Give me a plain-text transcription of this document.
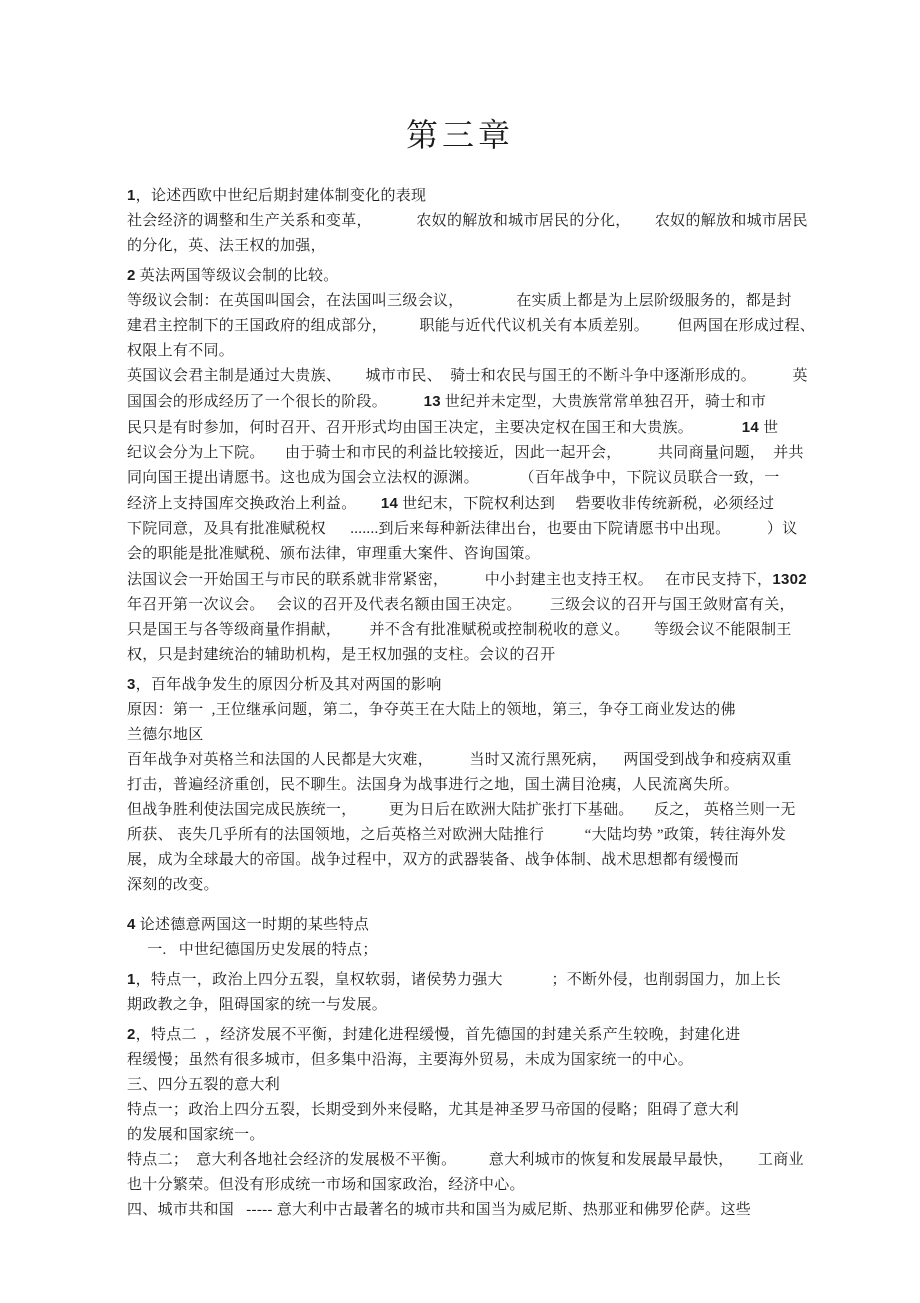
第三章
1，论述西欧中世纪后期封建体制变化的表现
社会经济的调整和生产关系和变革，           农奴的解放和城市居民的分化，      农奴的解放和城市居民
的分化，英、法王权的加强，
2 英法两国等级议会制的比较。
等级议会制：在英国叫国会，在法国叫三级会议，             在实质上都是为上层阶级服务的，都是封
建君主控制下的王国政府的组成部分，        职能与近代代议机关有本质差别。       但两国在形成过程、
权限上有不同。
英国议会君主制是通过大贵族、      城市市民、  骑士和农民与国王的不断斗争中逐渐形成的。         英
国国会的形成经历了一个很长的阶段。         13 世纪并未定型，大贵族常常单独召开，骑士和市
民只是有时参加，何时召开、召开形式均由国王决定，主要决定权在国王和大贵族。            14 世
纪议会分为上下院。     由于骑士和市民的利益比较接近，因此一起开会，         共同商量问题，  并共
同向国王提出请愿书。这也成为国会立法权的源渊。          （百年战争中，下院议员联合一致，一
经济上支持国库交换政治上利益。      14 世纪末，下院权利达到     砦要收非传统新税，必须经过
下院同意，及具有批准赋税权      .......到后来每种新法律出台，也要由下院请愿书中出现。         ）议
会的职能是批准赋税、颁布法律，审理重大案件、咨询国策。
法国议会一开始国王与市民的联系就非常紧密，         中小封建主也支持王权。   在市民支持下，1302
年召开第一次议会。   会议的召开及代表名额由国王决定。       三级会议的召开与国王敛财富有关，
只是国王与各等级商量作捐献，       并不含有批准赋税或控制税收的意义。      等级会议不能限制王
权，只是封建统治的辅助机构，是王权加强的支柱。会议的召开
3，百年战争发生的原因分析及其对两国的影响
原因：第一  ,王位继承问题，第二，争夺英王在大陆上的领地，第三，争夺工商业发达的佛
兰德尔地区
百年战争对英格兰和法国的人民都是大灾难，         当时又流行黑死病，    两国受到战争和疫病双重
打击，普遍经济重创，民不聊生。法国身为战事进行之地，国土满目沧痍，人民流离失所。
但战争胜利使法国完成民族统一，        更为日后在欧洲大陆扩张打下基础。     反之， 英格兰则一无
所获、 丧失几乎所有的法国领地，之后英格兰对欧洲大陆推行          “大陆均势 ”政策，转往海外发
展，成为全球最大的帝国。战争过程中，双方的武器装备、战争体制、战术思想都有缓慢而
深刻的改变。
4 论述德意两国这一时期的某些特点
一.   中世纪德国历史发展的特点；
1，特点一，政治上四分五裂，皇权软弱，诸侯势力强大            ；不断外侵，也削弱国力，加上长
期政教之争，阻碍国家的统一与发展。
2，特点二  ，经济发展不平衡，封建化进程缓慢，首先德国的封建关系产生较晚，封建化进
程缓慢；虽然有很多城市，但多集中沿海，主要海外贸易，未成为国家统一的中心。
三、四分五裂的意大利
特点一；政治上四分五裂，长期受到外来侵略，尤其是神圣罗马帝国的侵略；阻碍了意大利
的发展和国家统一。
特点二；  意大利各地社会经济的发展极不平衡。        意大利城市的恢复和发展最早最快，      工商业
也十分繁荣。但没有形成统一市场和国家政治，经济中心。
四、城市共和国   ----- 意大利中古最著名的城市共和国当为威尼斯、热那亚和佛罗伦萨。这些
